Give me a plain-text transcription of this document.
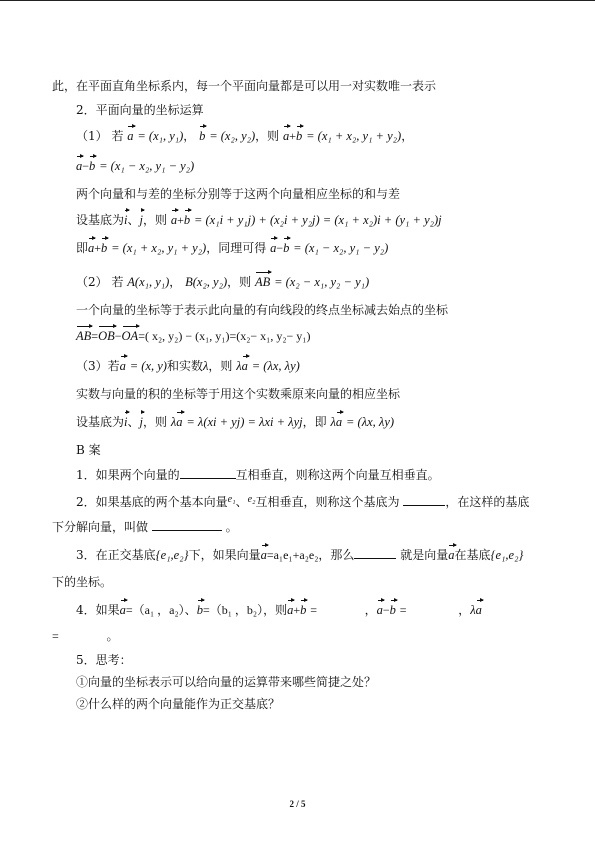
此，在平面直角坐标系内，每一个平面向量都是可以用一对实数唯一表示
2．平面向量的坐标运算
（1） 若 a = (x₁, y₁)， b = (x₂, y₂)，则 a+b = (x₁ + x₂, y₁ + y₂)，
a−b = (x₁ − x₂, y₁ − y₂)
两个向量和与差的坐标分别等于这两个向量相应坐标的和与差
设基底为i、j，则 a+b = (x₁i + y₁j) + (x₂i + y₂j) = (x₁ + x₂)i + (y₁ + y₂)j
即a+b = (x₁ + x₂, y₁ + y₂)，同理可得 a−b = (x₁ − x₂, y₁ − y₂)
（2） 若 A(x₁, y₁)， B(x₂, y₂)，则 AB = (x₂ − x₁, y₂ − y₁)
一个向量的坐标等于表示此向量的有向线段的终点坐标减去始点的坐标
AB=OB−OA=( x₂, y₂) − (x₁, y₁)=(x₂− x₁, y₂− y₁)
（3）若a = (x, y)和实数λ，则 λa = (λx, λy)
实数与向量的积的坐标等于用这个实数乘原来向量的相应坐标
设基底为i、j，则 λa = λ(xi + yj) = λxi + λyj，即 λa = (λx, λy)
B 案
1．如果两个向量的	互相垂直，则称这两个向量互相垂直。
2．如果基底的两个基本向量$^{e_1}$、$^{e_2}$互相垂直，则称这个基底为	，在这样的基底
下分解向量，叫做	。
3．在正交基底{e₁,e₂}下，如果向量a=a₁e₁+a₂e₂，那么	就是向量a在基底{e₁,e₂}
下的坐标。
4．如果a=（a₁ ，a₂）、b=（b₁ ，b₂），则a+b =	，a−b =	，λa
=	。
5．思考：
①向量的坐标表示可以给向量的运算带来哪些简捷之处？
②什么样的两个向量能作为正交基底？
2 / 5
